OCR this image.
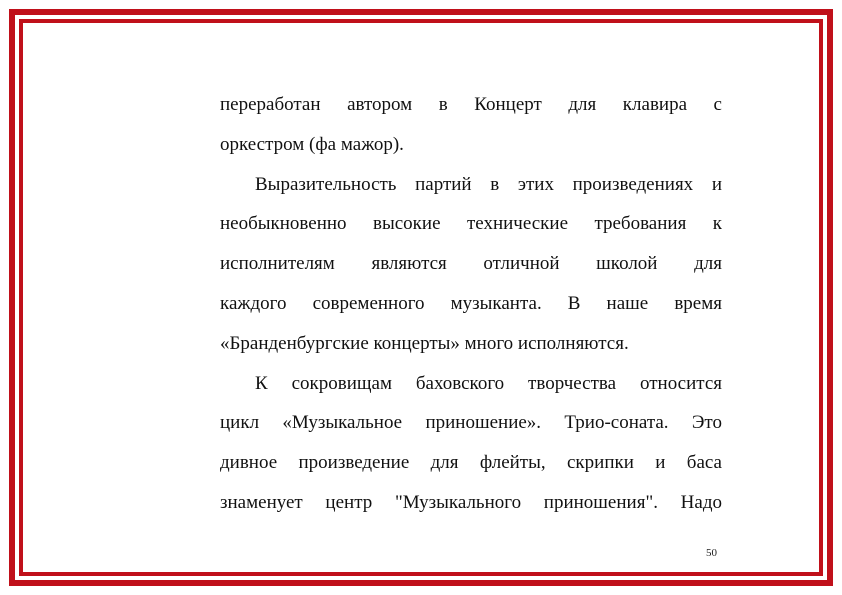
переработан автором в Концерт для клавира с
оркестром (фа мажор).
Выразительность партий в этих произведениях и
необыкновенно высокие технические требования к
исполнителям являются отличной школой для
каждого современного музыканта. В наше время
«Бранденбургские концерты» много исполняются.
К сокровищам баховского творчества относится
цикл «Музыкальное приношение». Трио-соната. Это
дивное произведение для флейты, скрипки и баса
знаменует центр "Музыкального приношения". Надо
50
